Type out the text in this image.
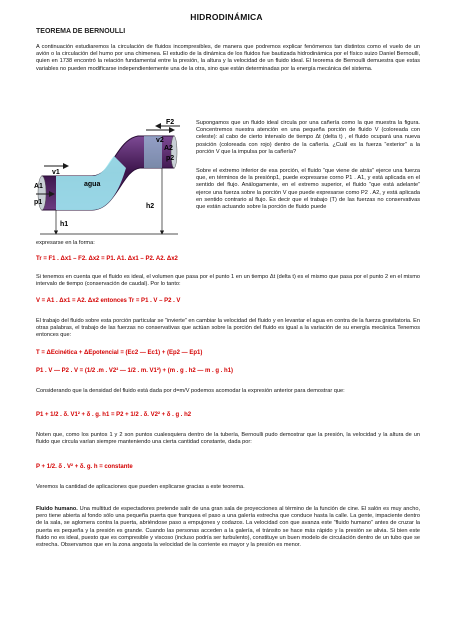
HIDRODINÁMICA
TEOREMA DE BERNOULLI

A continuación estudiaremos la circulación de fluidos incompresibles, de manera que podremos explicar fenómenos tan distintos como el vuelo de un avión o la circulación del humo por una chimenea. El estudio de la dinámica de los fluidos fue bautizada hidrodinámica por el físico suizo Daniel Bernoulli, quien en 1738 encontró la relación fundamental entre la presión, la altura y la velocidad de un fluido ideal. El teorema de Bernoulli demuestra que estas variables no pueden modificarse independientemente una de la otra, sino que están determinadas por la energía mecánica del sistema.

F2
v2
A2
p2
v1
A1
p1
agua
h1
h2

Supongamos que un fluido ideal circula por una cañería como la que muestra la figura. Concentremos nuestra atención en una pequeña porción de fluido V (coloreada con celeste): al cabo de cierto intervalo de tiempo Δt (delta t) , el fluido ocupará una nueva posición (coloreada con rojo) dentro de la cañería. ¿Cuál es la fuerza “exterior” a la porción V que la impulsa por la cañería?

Sobre el extremo inferior de esa porción, el fluido “que viene de atrás” ejerce una fuerza que, en términos de la presiónp1, puede expresarse corno P1 . A1, y está aplicada en el sentido del flujo. Análogamente, en el extremo superior, el fluido “que está adelante” ejerce una fuerza sobre la porción V que puede expresarse como P2 . A2, y está aplicada en sentido contrario al flujo. Es decir que el trabajo (T) de las fuerzas no conservativas que están actuando sobre la porción de fluido puede

expresarse en la forma:

Tr = F1 . Δx1 – F2. Δx2 = P1. A1. Δx1 – P2. A2. Δx2

Si tenemos en cuenta que el fluido es ideal, el volumen que pasa por el punto 1 en un tiempo Δt (delta t) es el mismo que pasa por el punto 2 en el mismo intervalo de tiempo (conservación de caudal). Por lo tanto:

V = A1 . Δx1 = A2. Δx2 entonces Tr = P1 . V – P2 . V

El trabajo del fluido sobre esta porción particular se “invierte” en cambiar la velocidad del fluido y en levantar el agua en contra de la fuerza gravitatoria. En otras palabras, el trabajo de las fuerzas no conservativas que actúan sobre la porción del fluido es igual a la variación de su energía mecánica Tenemos entonces que:

T = ΔEcinética + ΔEpotencial = (Ec2 — Ec1) + (Ep2 — Ep1)
P1 . V — P2 . V = (1/2 .m . V2² — 1/2 . m. V1²) + (m . g . h2 — m . g . h1)

Considerando que la densidad del fluido está dada por d=m/V podemos acomodar la expresión anterior para demostrar que:

P1 + 1/2 . δ. V1² + δ . g. h1 = P2 + 1/2 . δ. V2² + δ . g . h2

Noten que, como los puntos 1 y 2 son puntos cualesquiera dentro de la tubería, Bernoulli pudo demostrar que la presión, la velocidad y la altura de un fluido que circula varían siempre manteniendo una cierta cantidad constante, dada por:

P + 1/2. δ . V² + δ. g. h = constante

Veremos la cantidad de aplicaciones que pueden explicarse gracias a este teorema.

Fluido humano. Una multitud de espectadores pretende salir de una gran sala de proyecciones al término de la función de cine. El salón es muy ancho, pero tiene abierta al fondo sólo una pequeña puerta que franquea el paso a una galería estrecha que conduce hasta la calle. La gente, impaciente dentro de la sala, se aglomera contra la puerta, abriéndose paso a empujones y codazos. La velocidad con que avanza este “fluido humano” antes de cruzar la puerta es pequeña y la presión es grande. Cuando las personas acceden a la galería, el tránsito se hace más rápido y la presión se alivia. Si bien este fluido no es ideal, puesto que es compresible y viscoso (incluso podría ser turbulento), constituye un buen modelo de circulación dentro de un tubo que se estrecha. Observamos que en la zona angosta la velocidad de la corriente es mayor y la presión es menor.
